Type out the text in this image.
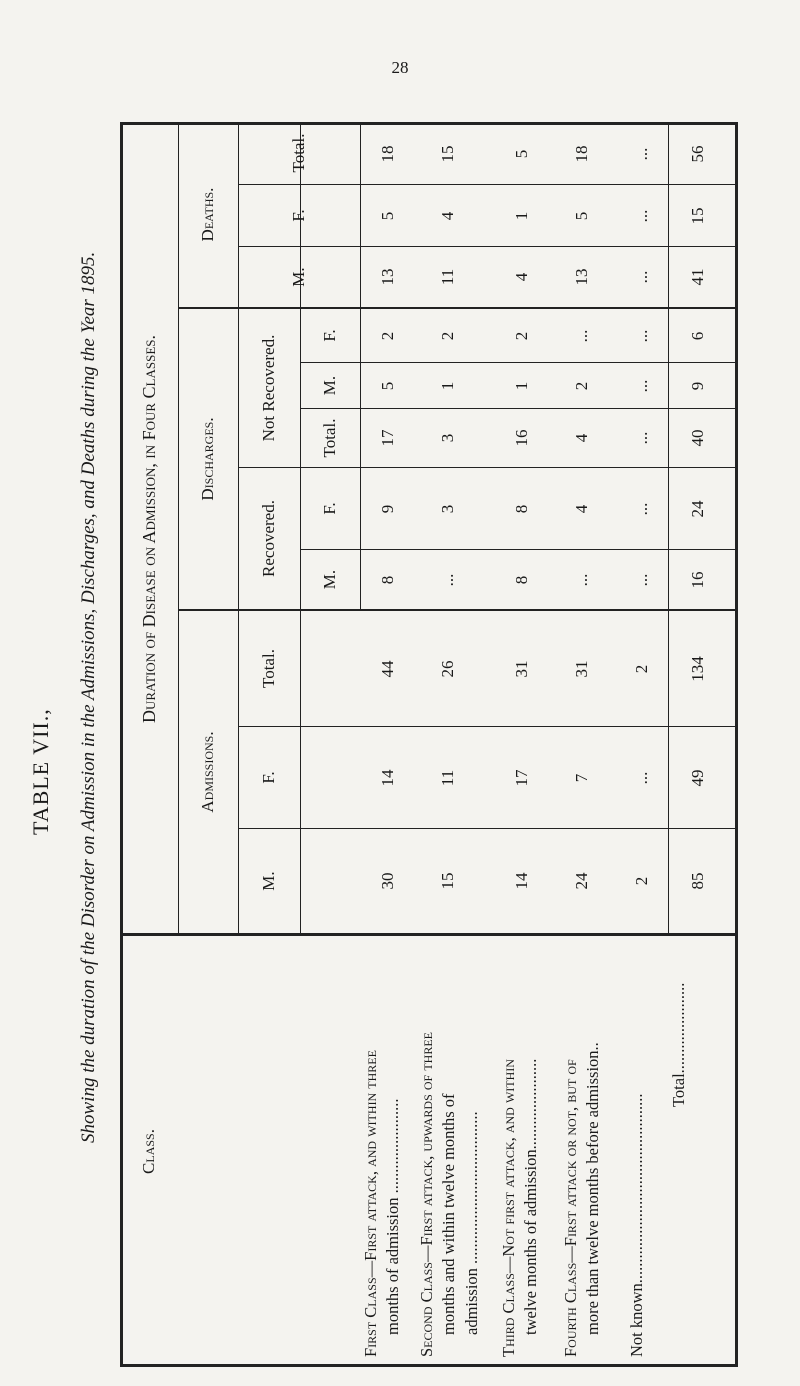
28
TABLE VII., Showing the duration of the Disorder on Admission in the Admissions, Discharges, and Deaths during the Year 1895.
Class.
Duration of Disease on Admission, in Four Classes.
Admissions.
Discharges.
Deaths.
Recovered.
Not Recovered.
M.
F.
Total.
M.
F.
Total.
M.
F.
M.
F.
Total.
First Class—First attack, and within three months of admission ....................... Second Class—First attack, upwards of three months and within twelve months of admission ..................................... Third Class—Not first attack, and within twelve months of admission...................... Fourth Class—First attack or not, but of more than twelve months before admission.. Not known..............................................
Total......................
30
14
44
8
9
17
5
2
13
5
18
15
11
26
...
3
3
1
2
11
4
15
14
17
31
8
8
16
1
2
4
1
5
24
7
31
...
4
4
2
...
13
5
18
2
...
2
...
...
...
...
...
...
...
...
85
49
134
16
24
40
9
6
41
15
56
